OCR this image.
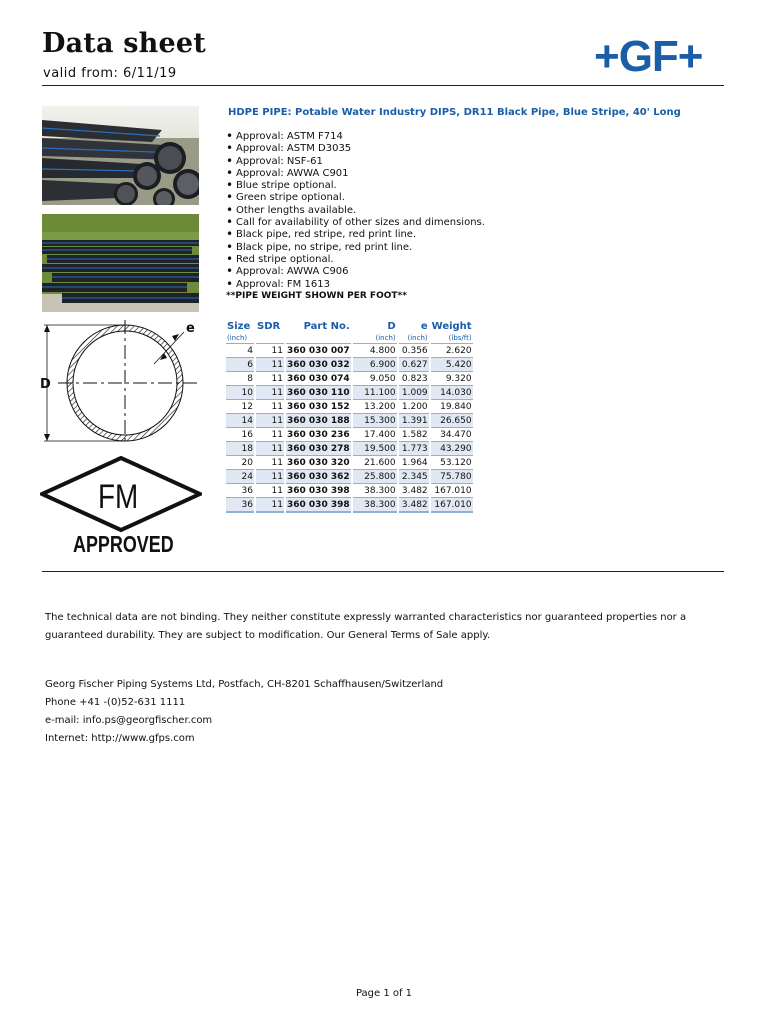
Data sheet
valid from: 6/11/19	+GF+
e
D
FM
APPROVED
HDPE PIPE: Potable Water Industry DIPS, DR11 Black Pipe, Blue Stripe, 40' Long
• Approval: ASTM F714
• Approval: ASTM D3035
• Approval: NSF-61
• Approval: AWWA C901
• Blue stripe optional.
• Green stripe optional.
• Other lengths available.
• Call for availability of other sizes and dimensions.
• Black pipe, red stripe, red print line.
• Black pipe, no stripe, red print line.
• Red stripe optional.
• Approval: AWWA C906
• Approval: FM 1613
**PIPE WEIGHT SHOWN PER FOOT**
Size	SDR	Part No.	D	e	Weight
(inch)			(inch)	(inch)	(lbs/ft)
4	11	360 030 007	4.800	0.356	2.620
6	11	360 030 032	6.900	0.627	5.420
8	11	360 030 074	9.050	0.823	9.320
10	11	360 030 110	11.100	1.009	14.030
12	11	360 030 152	13.200	1.200	19.840
14	11	360 030 188	15.300	1.391	26.650
16	11	360 030 236	17.400	1.582	34.470
18	11	360 030 278	19.500	1.773	43.290
20	11	360 030 320	21.600	1.964	53.120
24	11	360 030 362	25.800	2.345	75.780
36	11	360 030 398	38.300	3.482	167.010
36	11	360 030 398	38.300	3.482	167.010
The technical data are not binding. They neither constitute expressly warranted characteristics nor guaranteed properties nor a guaranteed durability. They are subject to modification. Our General Terms of Sale apply.
Georg Fischer Piping Systems Ltd, Postfach, CH-8201 Schaffhausen/Switzerland
Phone +41 -(0)52-631 1111
e-mail: info.ps@georgfischer.com
Internet: http://www.gfps.com
Page 1 of 1
